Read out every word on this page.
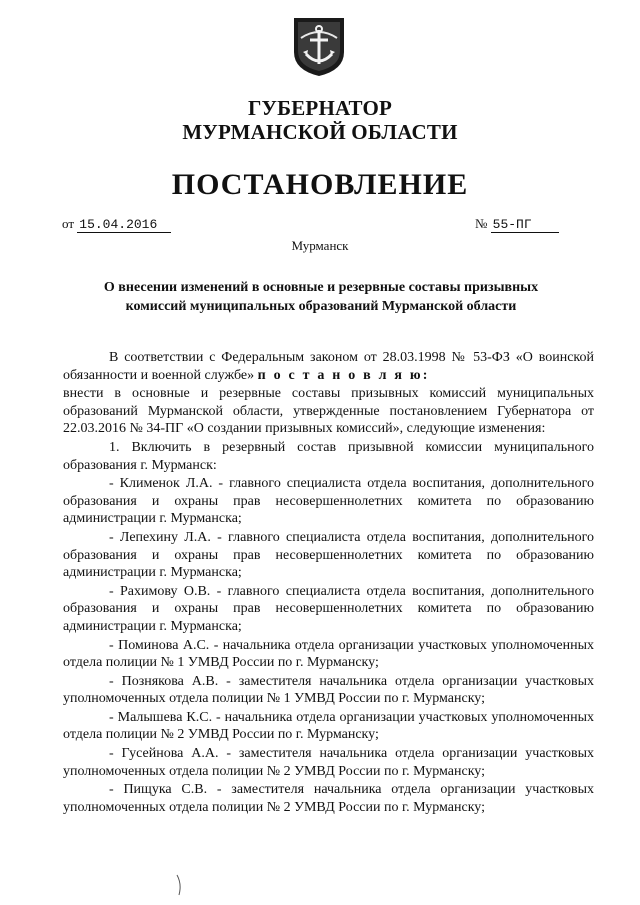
ГУБЕРНАТОР
МУРМАНСКОЙ ОБЛАСТИ
ПОСТАНОВЛЕНИЕ
от 15.04.2016	№ 55-ПГ
Мурманск
О внесении изменений в основные и резервные составы призывных комиссий муниципальных образований Мурманской области

В соответствии с Федеральным законом от 28.03.1998 № 53-ФЗ «О воинской обязанности и военной службе» п о с т а н о в л я ю:

внести в основные и резервные составы призывных комиссий муниципальных образований Мурманской области, утвержденные постановлением Губернатора от 22.03.2016 № 34-ПГ «О создании призывных комиссий», следующие изменения:

1. Включить в резервный состав призывной комиссии муниципального образования г. Мурманск:

- Клименок Л.А. - главного специалиста отдела воспитания, дополнительного образования и охраны прав несовершеннолетних комитета по образованию администрации г. Мурманска;

- Лепехину Л.А. - главного специалиста отдела воспитания, дополнительного образования и охраны прав несовершеннолетних комитета по образованию администрации г. Мурманска;

- Рахимову О.В. - главного специалиста отдела воспитания, дополнительного образования и охраны прав несовершеннолетних комитета по образованию администрации г. Мурманска;

- Поминова А.С. - начальника отдела организации участковых уполномоченных отдела полиции № 1 УМВД России по г. Мурманску;

- Познякова А.В. - заместителя начальника отдела организации участковых уполномоченных отдела полиции № 1 УМВД России по г. Мурманску;

- Малышева К.С. - начальника отдела организации участковых уполномоченных отдела полиции № 2 УМВД России по г. Мурманску;

- Гусейнова А.А. - заместителя начальника отдела организации участковых уполномоченных отдела полиции № 2 УМВД России по г. Мурманску;

- Пищука С.В. - заместителя начальника отдела организации участковых уполномоченных отдела полиции № 2 УМВД России по г. Мурманску;
